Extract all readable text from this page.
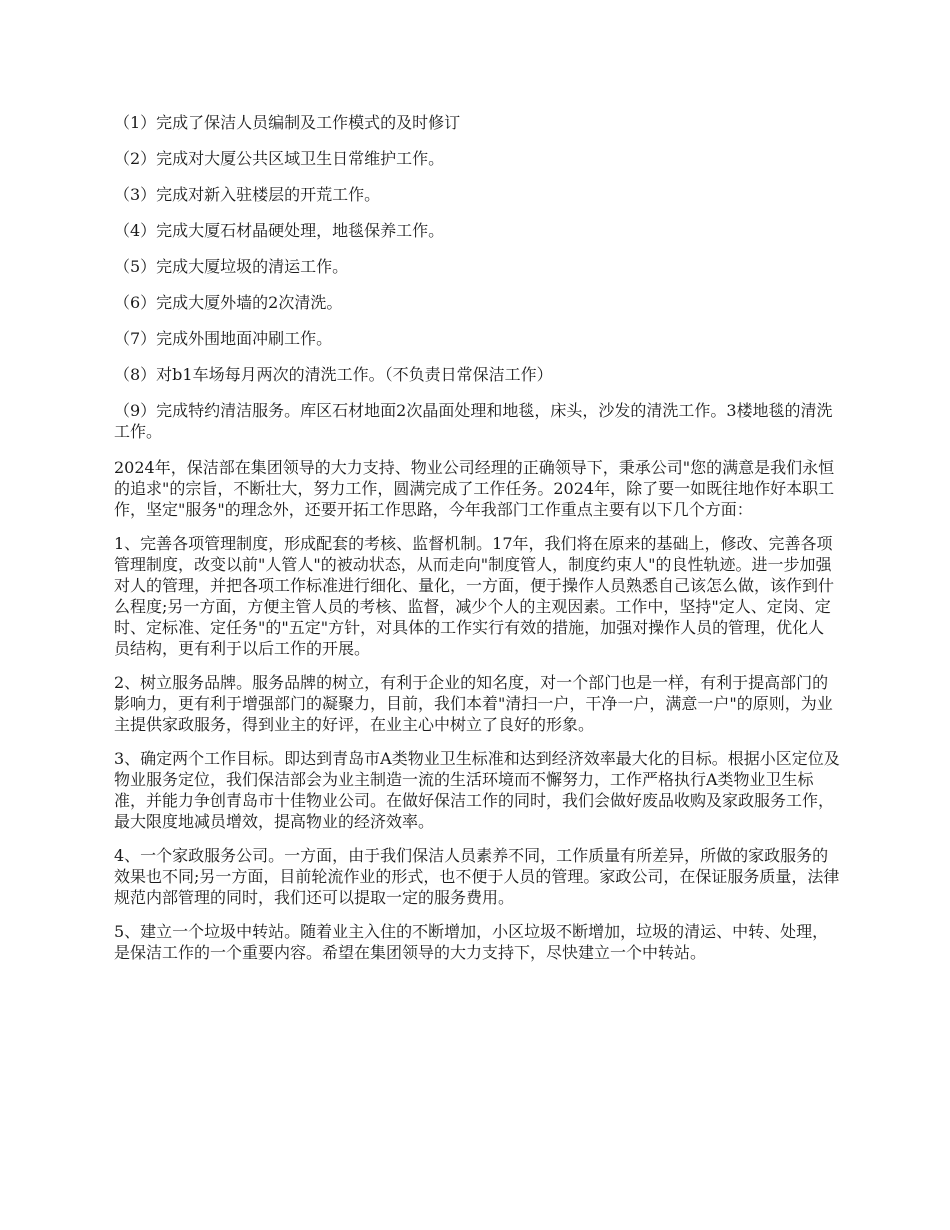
（1）完成了保洁人员编制及工作模式的及时修订

（2）完成对大厦公共区域卫生日常维护工作。

（3）完成对新入驻楼层的开荒工作。

（4）完成大厦石材晶硬处理，地毯保养工作。

（5）完成大厦垃圾的清运工作。

（6）完成大厦外墙的2次清洗。

（7）完成外围地面冲刷工作。

（8）对b1车场每月两次的清洗工作。（不负责日常保洁工作）

（9）完成特约清洁服务。库区石材地面2次晶面处理和地毯，床头，沙发的清洗工作。3楼地毯的清洗工作。

2024年，保洁部在集团领导的大力支持、物业公司经理的正确领导下，秉承公司"您的满意是我们永恒的追求"的宗旨，不断壮大，努力工作，圆满完成了工作任务。2024年，除了要一如既往地作好本职工作，坚定"服务"的理念外，还要开拓工作思路，今年我部门工作重点主要有以下几个方面：

1、完善各项管理制度，形成配套的考核、监督机制。17年，我们将在原来的基础上，修改、完善各项管理制度，改变以前"人管人"的被动状态，从而走向"制度管人，制度约束人"的良性轨迹。进一步加强对人的管理，并把各项工作标准进行细化、量化，一方面，便于操作人员熟悉自己该怎么做，该作到什么程度;另一方面，方便主管人员的考核、监督，减少个人的主观因素。工作中，坚持"定人、定岗、定时、定标准、定任务"的"五定"方针，对具体的工作实行有效的措施，加强对操作人员的管理，优化人员结构，更有利于以后工作的开展。

2、树立服务品牌。服务品牌的树立，有利于企业的知名度，对一个部门也是一样，有利于提高部门的影响力，更有利于增强部门的凝聚力，目前，我们本着"清扫一户，干净一户，满意一户"的原则，为业主提供家政服务，得到业主的好评，在业主心中树立了良好的形象。

3、确定两个工作目标。即达到青岛市A类物业卫生标准和达到经济效率最大化的目标。根据小区定位及物业服务定位，我们保洁部会为业主制造一流的生活环境而不懈努力，工作严格执行A类物业卫生标准，并能力争创青岛市十佳物业公司。在做好保洁工作的同时，我们会做好废品收购及家政服务工作，最大限度地减员增效，提高物业的经济效率。

4、一个家政服务公司。一方面，由于我们保洁人员素养不同，工作质量有所差异，所做的家政服务的效果也不同;另一方面，目前轮流作业的形式，也不便于人员的管理。家政公司，在保证服务质量，法律规范内部管理的同时，我们还可以提取一定的服务费用。

5、建立一个垃圾中转站。随着业主入住的不断增加，小区垃圾不断增加，垃圾的清运、中转、处理，是保洁工作的一个重要内容。希望在集团领导的大力支持下，尽快建立一个中转站。
